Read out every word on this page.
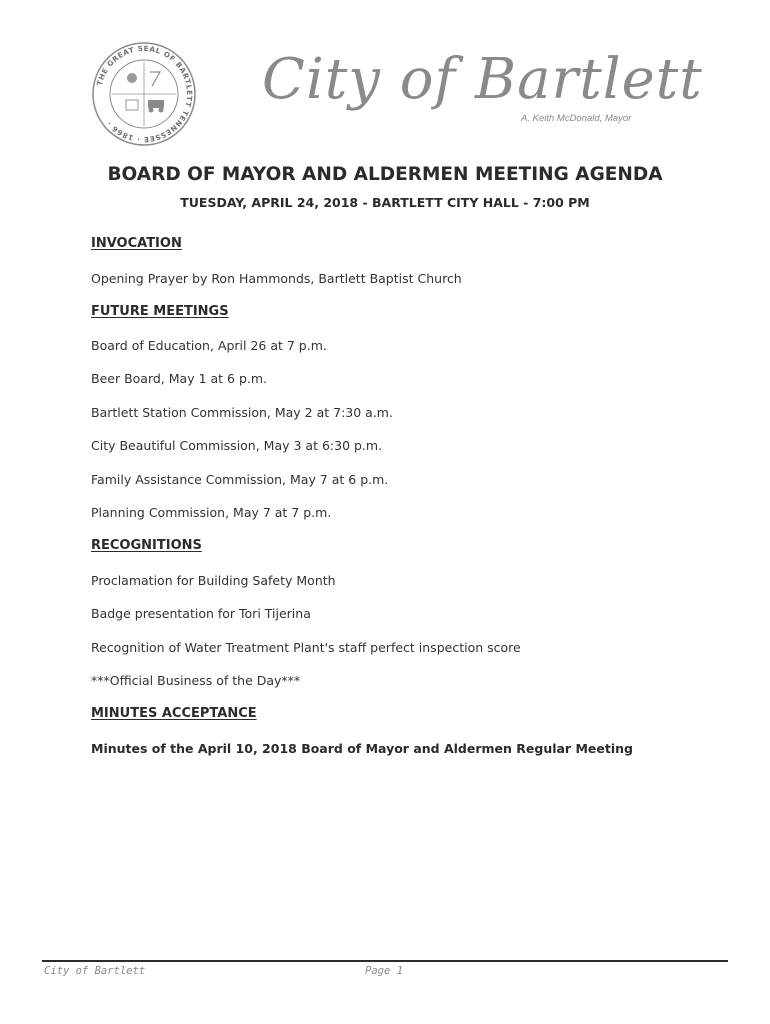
THE GREAT SEAL OF BARTLETT TENNESSEE · 1866 ·
City of Bartlett
A. Keith McDonald, Mayor
BOARD OF MAYOR AND ALDERMEN MEETING AGENDA
TUESDAY, APRIL 24, 2018 - BARTLETT CITY HALL - 7:00 PM
INVOCATION
Opening Prayer by Ron Hammonds, Bartlett Baptist Church
FUTURE MEETINGS
Board of Education, April 26 at 7 p.m.
Beer Board, May 1 at 6 p.m.
Bartlett Station Commission, May 2 at 7:30 a.m.
City Beautiful Commission, May 3 at 6:30 p.m.
Family Assistance Commission, May 7 at 6 p.m.
Planning Commission, May 7 at 7 p.m.
RECOGNITIONS
Proclamation for Building Safety Month
Badge presentation for Tori Tijerina
Recognition of Water Treatment Plant's staff perfect inspection score
***Official Business of the Day***
MINUTES ACCEPTANCE
Minutes of the April 10, 2018 Board of Mayor and Aldermen Regular Meeting
City of Bartlett	Page 1
